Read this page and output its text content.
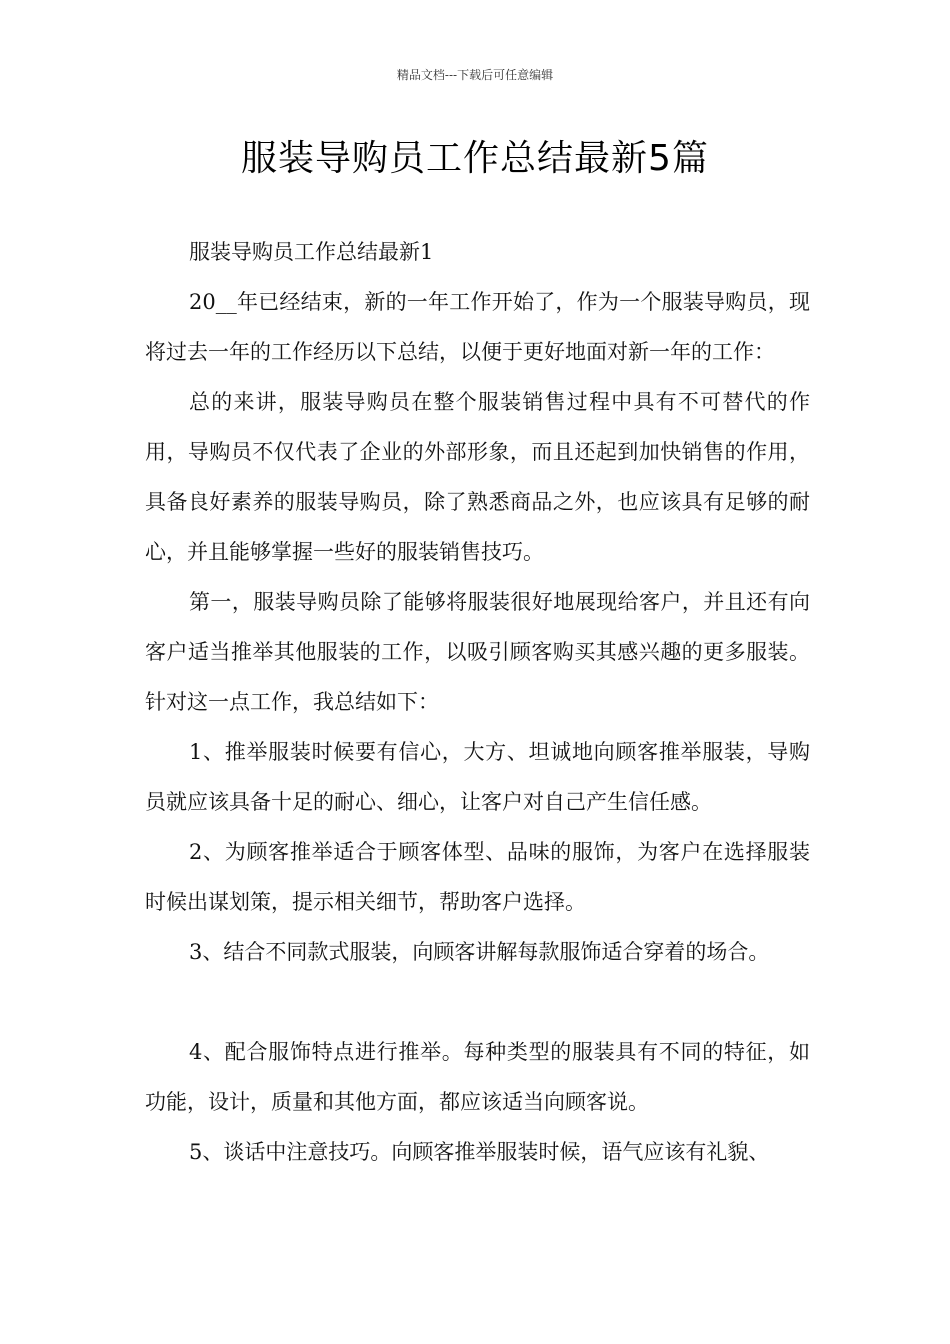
精品文档---下载后可任意编辑
服装导购员工作总结最新5篇

服装导购员工作总结最新1

20__年已经结束，新的一年工作开始了，作为一个服装导购员，现将过去一年的工作经历以下总结，以便于更好地面对新一年的工作：

总的来讲，服装导购员在整个服装销售过程中具有不可替代的作用，导购员不仅代表了企业的外部形象，而且还起到加快销售的作用，具备良好素养的服装导购员，除了熟悉商品之外，也应该具有足够的耐心，并且能够掌握一些好的服装销售技巧。

第一，服装导购员除了能够将服装很好地展现给客户，并且还有向客户适当推举其他服装的工作，以吸引顾客购买其感兴趣的更多服装。针对这一点工作，我总结如下：

1、推举服装时候要有信心，大方、坦诚地向顾客推举服装，导购员就应该具备十足的耐心、细心，让客户对自己产生信任感。

2、为顾客推举适合于顾客体型、品味的服饰，为客户在选择服装时候出谋划策，提示相关细节，帮助客户选择。

3、结合不同款式服装，向顾客讲解每款服饰适合穿着的场合。

4、配合服饰特点进行推举。每种类型的服装具有不同的特征，如功能，设计，质量和其他方面，都应该适当向顾客说。

5、谈话中注意技巧。向顾客推举服装时候，语气应该有礼貌、
